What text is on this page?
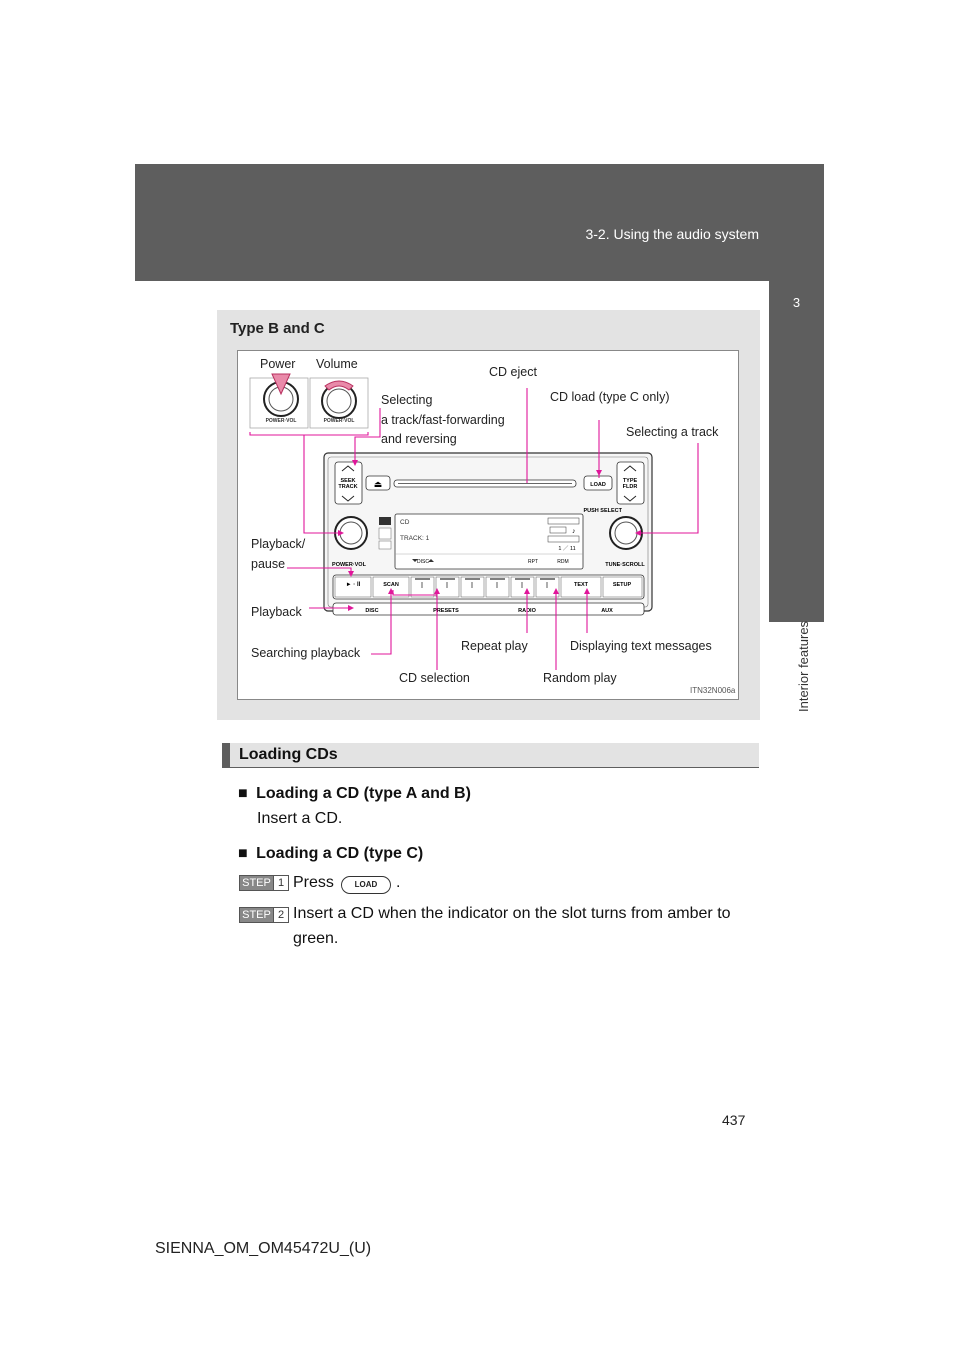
3-2. Using the audio system
3
Interior features
Type B and C
POWER·VOL	POWER·VOL
SEEK
TRACK ⏏	LOAD
TYPE
FLDR
PUSH SELECT
POWER·VOL	TUNE·SCROLL
CD
TRACK: 1
♪
1 ／ 11
DISC	RPT	RDM
► · II	SCAN	TEXT	SETUP
DISC	PRESETS	RADIO	AUX
Power Volume
CD eject
Selecting
a track/fast-forwarding
and reversing
CD load (type C only)
Selecting a track
Playback/
pause
Playback
Repeat play	Displaying text messages
Searching playback
CD selection	Random play
ITN32N006a
Loading CDs
■ Loading a CD (type A and B)
Insert a CD.
■ Loading a CD (type C)
STEP 1 Press	LOAD	.
STEP 2 Insert a CD when the indicator on the slot turns from amber to
green.
437
SIENNA_OM_OM45472U_(U)
